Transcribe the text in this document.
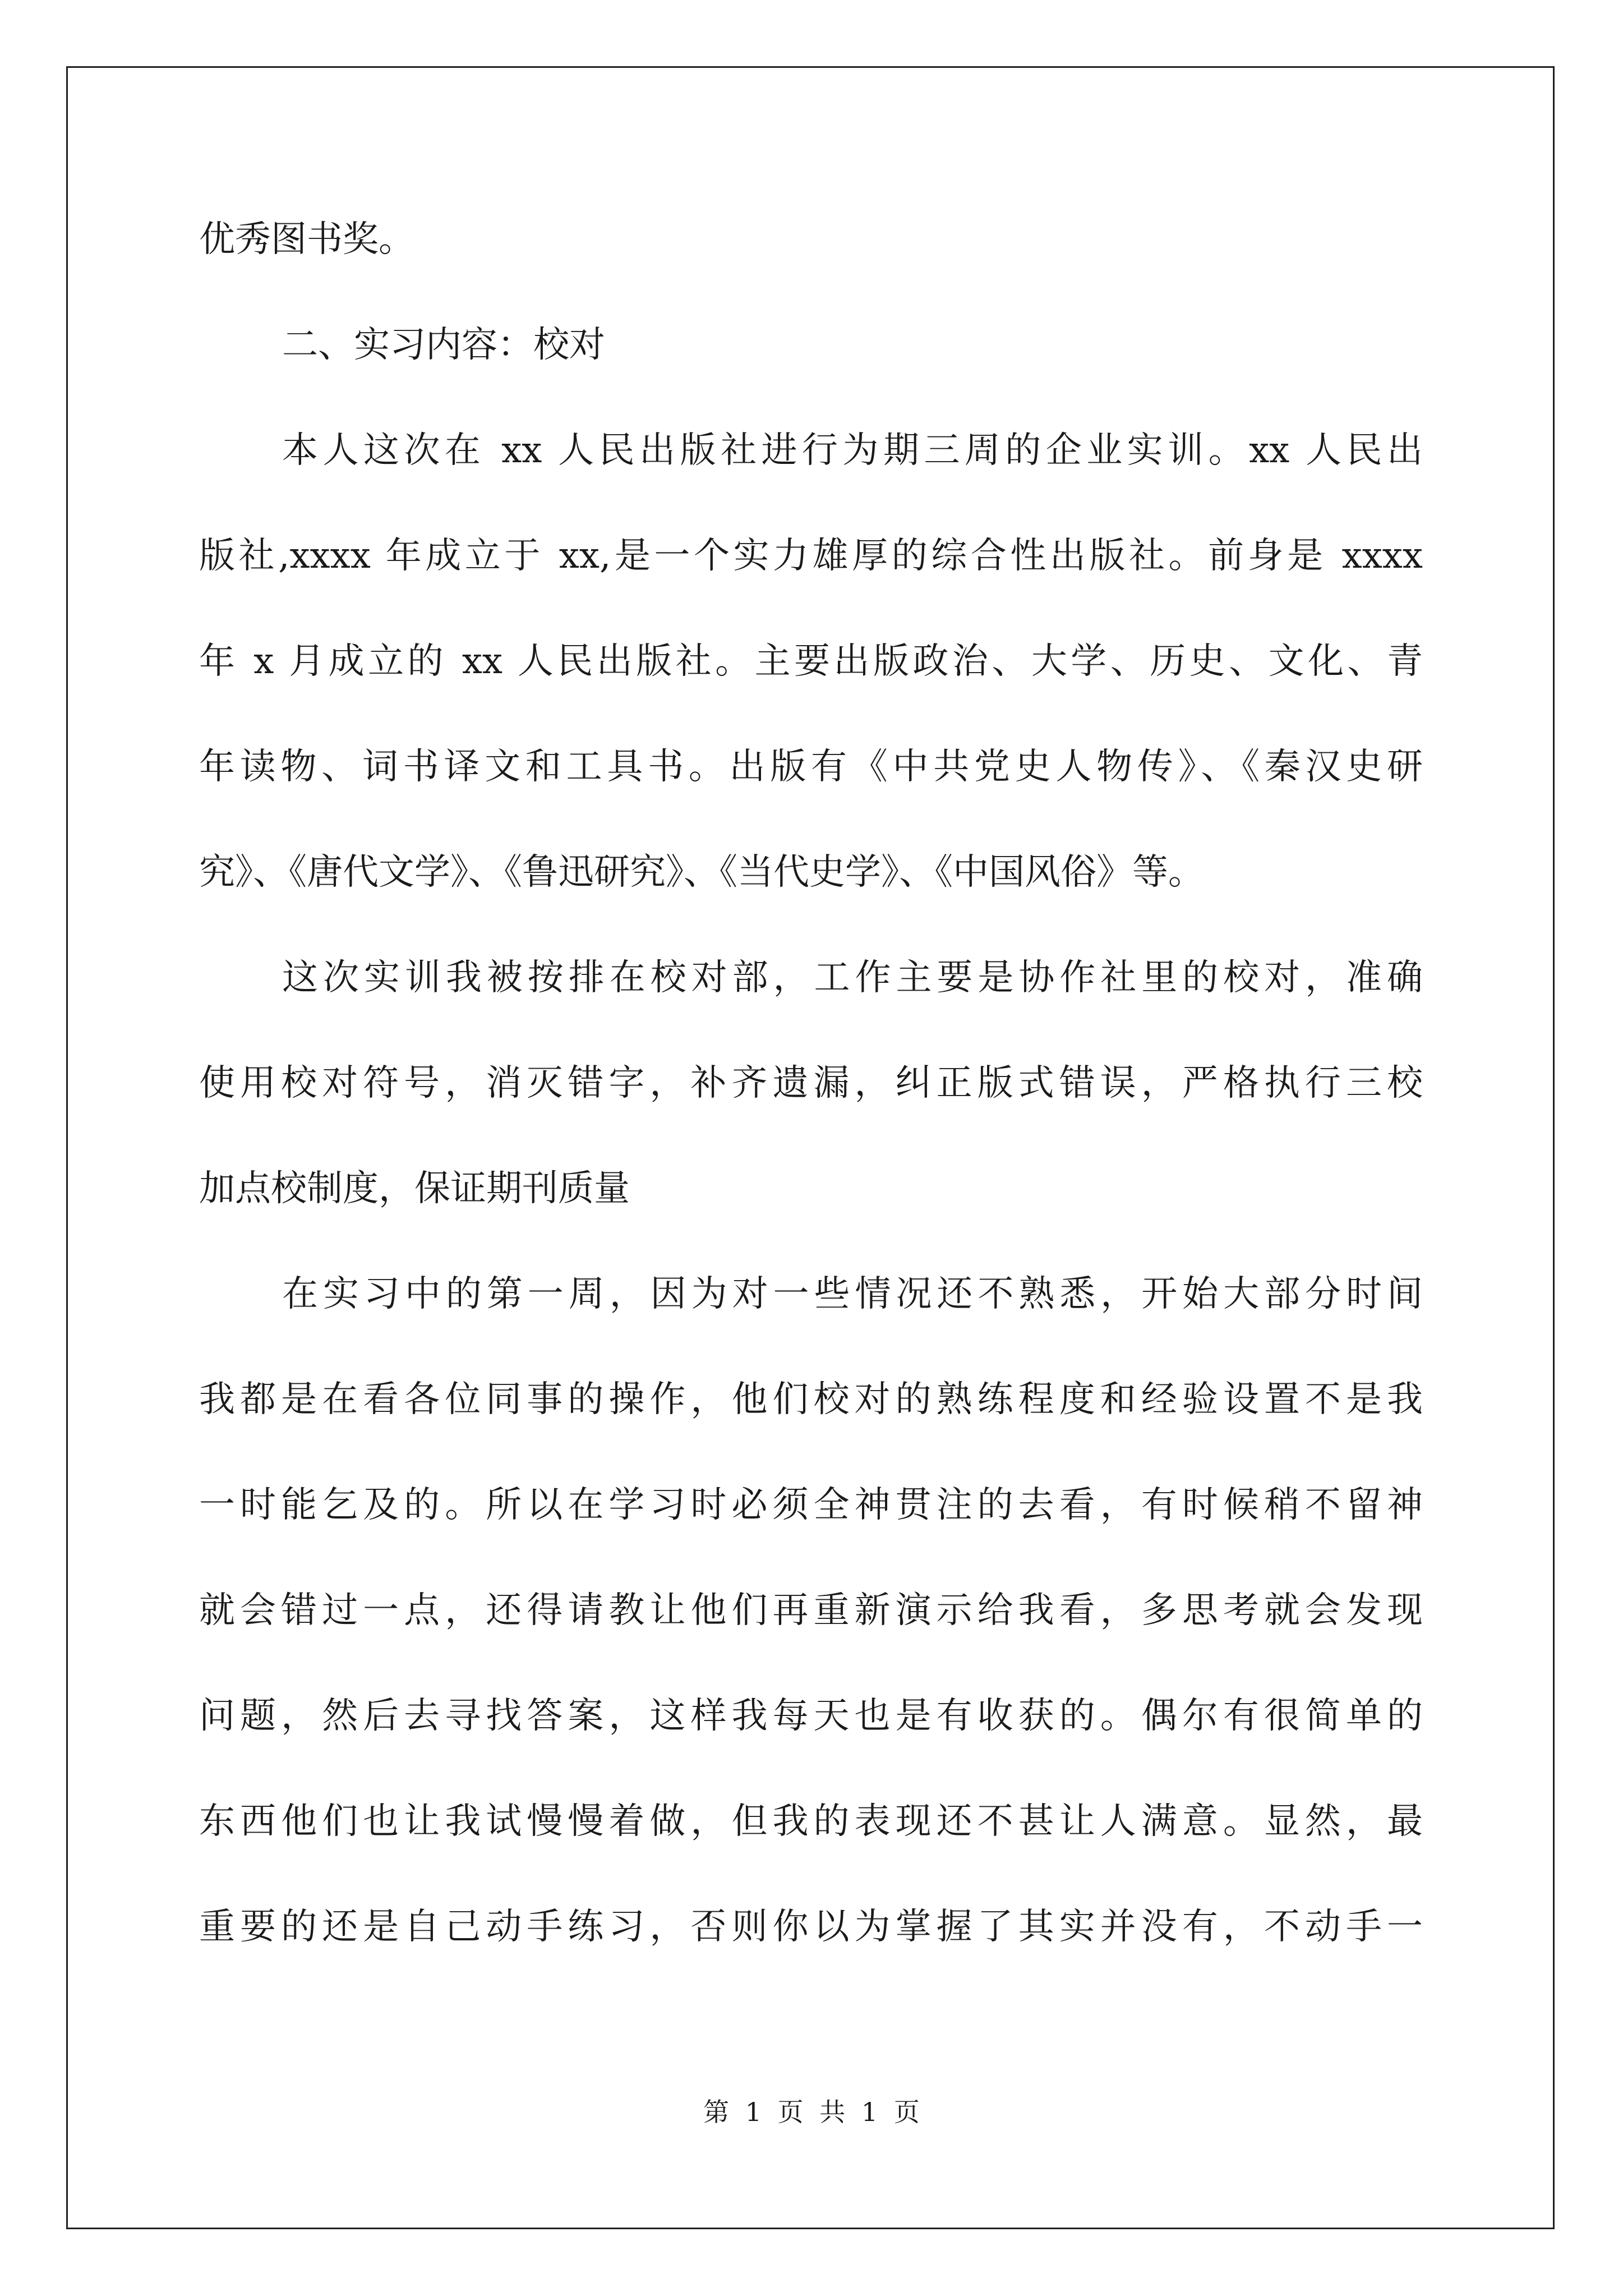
优秀图书奖。
二、实习内容：校对
本人这次在 xx 人民出版社进行为期三周的企业实训。xx 人民出
版社,xxxx 年成立于 xx,是一个实力雄厚的综合性出版社。前身是 xxxx
年 x 月成立的 xx 人民出版社。主要出版政治、大学、历史、文化、青
年读物、词书译文和工具书。出版有《中共党史人物传》、《秦汉史研
究》、《唐代文学》、《鲁迅研究》、《当代史学》、《中国风俗》等。
这次实训我被按排在校对部，工作主要是协作社里的校对，准确
使用校对符号，消灭错字，补齐遗漏，纠正版式错误，严格执行三校
加点校制度，保证期刊质量
在实习中的第一周，因为对一些情况还不熟悉，开始大部分时间
我都是在看各位同事的操作，他们校对的熟练程度和经验设置不是我
一时能乞及的。所以在学习时必须全神贯注的去看，有时候稍不留神
就会错过一点，还得请教让他们再重新演示给我看，多思考就会发现
问题，然后去寻找答案，这样我每天也是有收获的。偶尔有很简单的
东西他们也让我试慢慢着做，但我的表现还不甚让人满意。显然，最
重要的还是自己动手练习，否则你以为掌握了其实并没有，不动手一
第 1 页 共 1 页
